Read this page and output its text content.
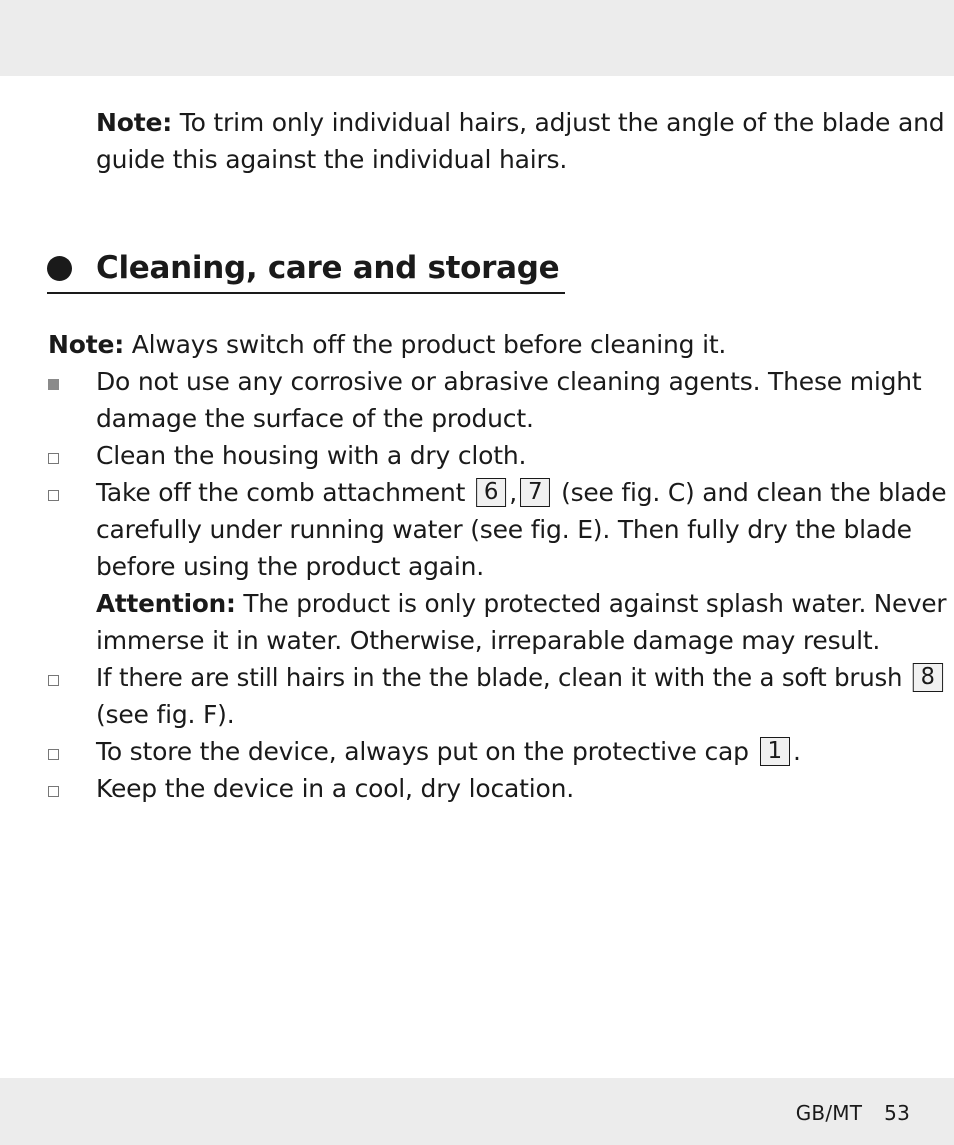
Note: To trim only individual hairs, adjust the angle of the blade and
guide this against the individual hairs.
Cleaning, care and storage
Note: Always switch off the product before cleaning it.
Do not use any corrosive or abrasive cleaning agents. These might
damage the surface of the product.
Clean the housing with a dry cloth.
Take off the comb attachment 6 , 7 (see fig. C) and clean the blade
carefully under running water (see fig. E). Then fully dry the blade
before using the product again.
Attention: The product is only protected against splash water. Never
immerse it in water. Otherwise, irreparable damage may result.
If there are still hairs in the the blade, clean it with the a soft brush 8
(see fig. F).
To store the device, always put on the protective cap 1 .
Keep the device in a cool, dry location.
GB/MT 53
